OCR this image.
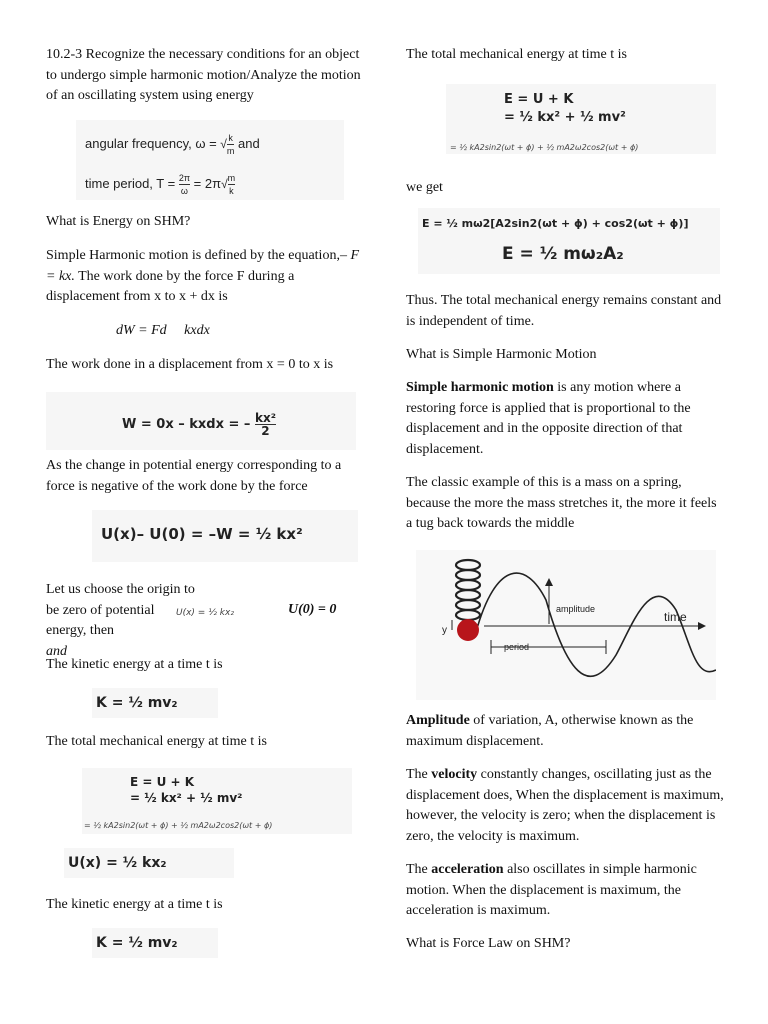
10.2-3 Recognize the necessary conditions for an object to undergo simple harmonic motion/Analyze the motion of an oscillating system using energy

angular frequency, ω = √ $\frac{k}{m}$ and
time period, $T = \frac{2\pi}{\omega} = 2\pi√ \frac{m}{k}$

What is Energy on SHM?

Simple Harmonic motion is defined by the equation,– F = kx. The work done by the force F during a displacement from x to x + dx is

dW = Fd     kxdx

The work done in a displacement from x = 0 to x is

W = 0x – kxdx = – $\frac{\text{kx²}}{2}$

As the change in potential energy corresponding to a force is negative of the work done by the force

U(x)– U(0) = –W = ½ kx²

Let us choose the origin to be zero of potential energy, then
and

U(x) = ½ kx₂	U(0) = 0

The kinetic energy at a time t is

K = ½ mv₂

The total mechanical energy at time t is

E = U + K
= ½ kx² + ½ mv²
= ½ kA2sin2(ωt + ϕ) + ½ mA2ω2cos2(ωt + ϕ)
U(x) = ½ kx₂

The kinetic energy at a time t is

K = ½ mv₂

The total mechanical energy at time t is

E = U + K
= ½ kx² + ½ mv²
= ½ kA2sin2(ωt + ϕ) + ½ mA2ω2cos2(ωt + ϕ)

we get

E = ½ mω2[A2sin2(ωt + ϕ) + cos2(ωt + ϕ)]
E = ½ mω₂A₂

Thus. The total mechanical energy remains constant and is independent of time.

What is Simple Harmonic Motion

Simple harmonic motion is any motion where a restoring force is applied that is proportional to the displacement and in the opposite direction of that displacement.

The classic example of this is a mass on a spring, because the more the mass stretches it, the more it feels a tug back towards the middle

amplitude
time
period
y

Amplitude of variation, A, otherwise known as the maximum displacement.

The velocity constantly changes, oscillating just as the displacement does, When the displacement is maximum, however, the velocity is zero; when the displacement is zero, the velocity is maximum.

The acceleration also oscillates in simple harmonic motion. When the displacement is maximum, the acceleration is maximum.

What is Force Law on SHM?
